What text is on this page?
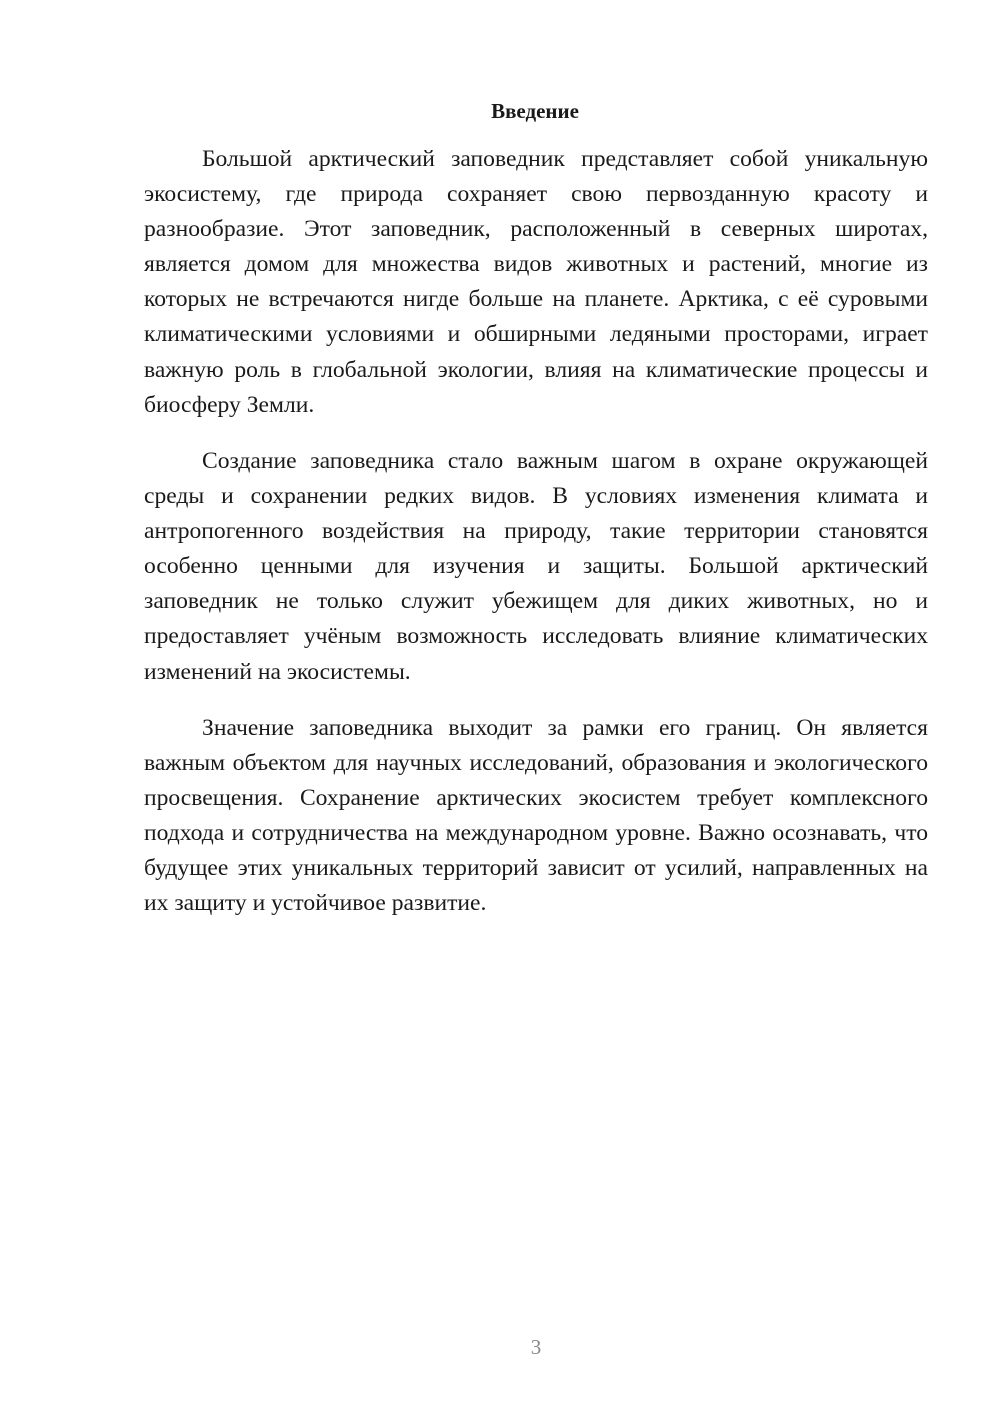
Введение

Большой арктический заповедник представляет собой уникальную экосистему, где природа сохраняет свою первозданную красоту и разнообразие. Этот заповедник, расположенный в северных широтах, является домом для множества видов животных и растений, многие из которых не встречаются нигде больше на планете. Арктика, с её суровыми климатическими условиями и обширными ледяными просторами, играет важную роль в глобальной экологии, влияя на климатические процессы и биосферу Земли.

Создание заповедника стало важным шагом в охране окружающей среды и сохранении редких видов. В условиях изменения климата и антропогенного воздействия на природу, такие территории становятся особенно ценными для изучения и защиты. Большой арктический заповедник не только служит убежищем для диких животных, но и предоставляет учёным возможность исследовать влияние климатических изменений на экосистемы.

Значение заповедника выходит за рамки его границ. Он является важным объектом для научных исследований, образования и экологического просвещения. Сохранение арктических экосистем требует комплексного подхода и сотрудничества на международном уровне. Важно осознавать, что будущее этих уникальных территорий зависит от усилий, направленных на их защиту и устойчивое развитие.

3
